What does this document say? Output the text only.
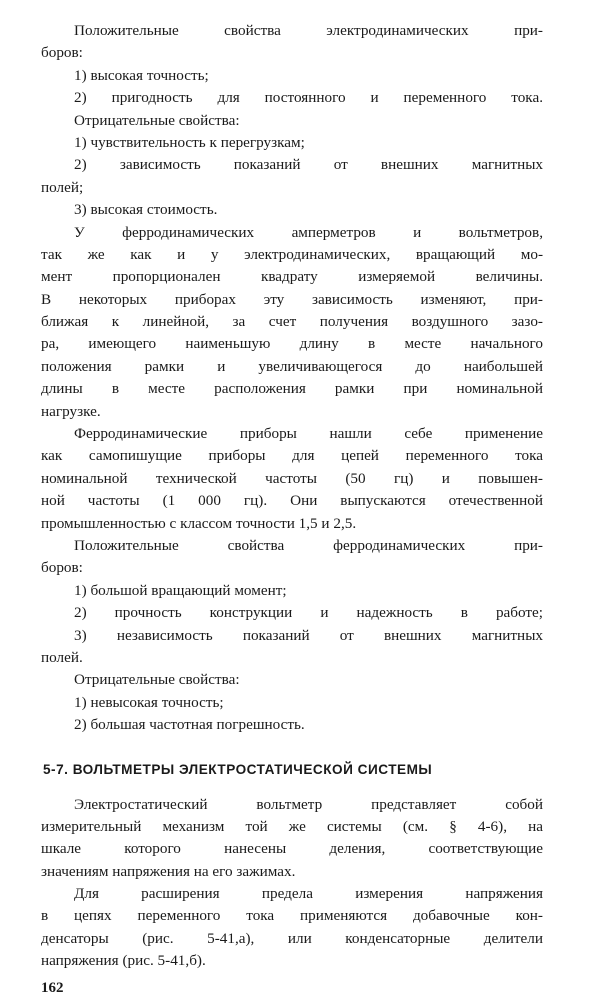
Положительные свойства электродинамических при-
боров:
1) высокая точность;
2) пригодность для постоянного и переменного тока.
Отрицательные свойства:
1) чувствительность к перегрузкам;
2) зависимость показаний от внешних магнитных
полей;
3) высокая стоимость.
У ферродинамических амперметров и вольтметров,
так же как и у электродинамических, вращающий мо-
мент пропорционален квадрату измеряемой величины.
В некоторых приборах эту зависимость изменяют, при-
ближая к линейной, за счет получения воздушного зазо-
ра, имеющего наименьшую длину в месте начального
положения рамки и увеличивающегося до наибольшей
длины в месте расположения рамки при номинальной
нагрузке.
Ферродинамические приборы нашли себе применение
как самопишущие приборы для цепей переменного тока
номинальной технической частоты (50 гц) и повышен-
ной частоты (1 000 гц). Они выпускаются отечественной
промышленностью с классом точности 1,5 и 2,5.
Положительные свойства ферродинамических при-
боров:
1) большой вращающий момент;
2) прочность конструкции и надежность в работе;
3) независимость показаний от внешних магнитных
полей.
Отрицательные свойства:
1) невысокая точность;
2) большая частотная погрешность.
5-7. ВОЛЬТМЕТРЫ ЭЛЕКТРОСТАТИЧЕСКОЙ СИСТЕМЫ
Электростатический вольтметр представляет собой
измерительный механизм той же системы (см. § 4-6), на
шкале которого нанесены деления, соответствующие
значениям напряжения на его зажимах.
Для расширения предела измерения напряжения
в цепях переменного тока применяются добавочные кон-
денсаторы (рис. 5-41,а), или конденсаторные делители
напряжения (рис. 5-41,б).
162
